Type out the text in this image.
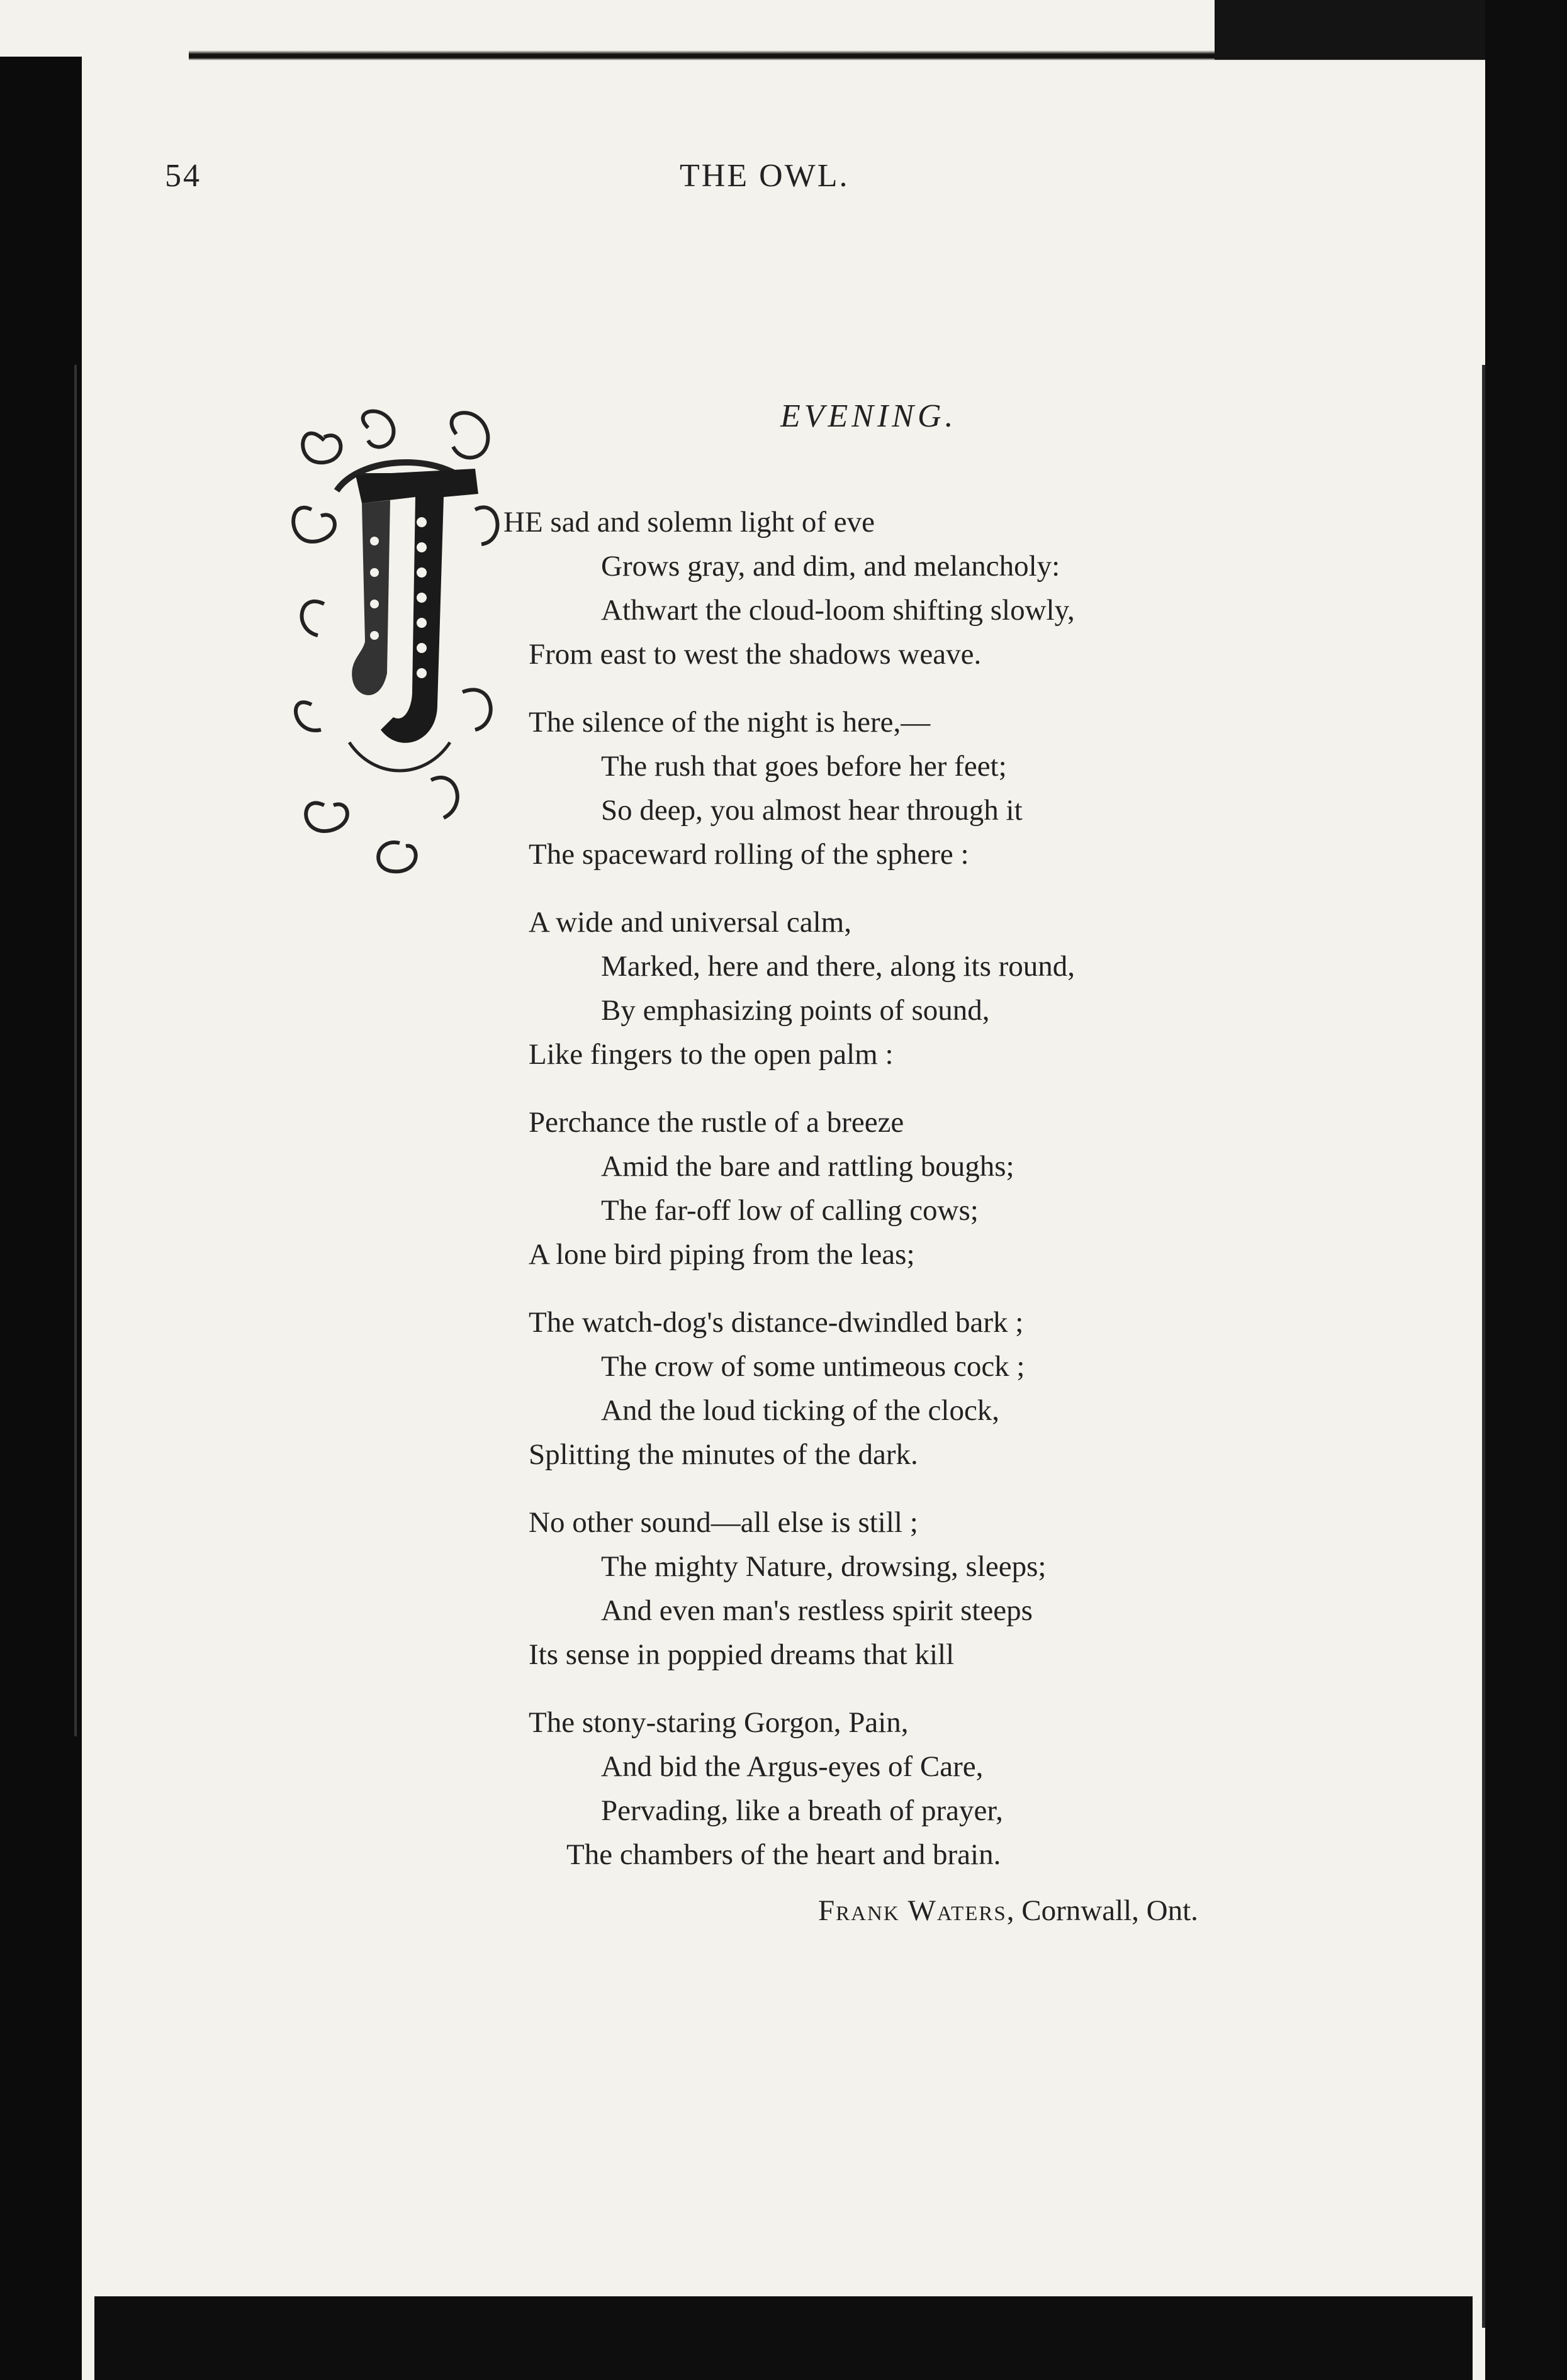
54	THE OWL.
EVENING.
HE sad and solemn light of eve
Grows gray, and dim, and melancholy:
Athwart the cloud-loom shifting slowly,
From east to west the shadows weave.
The silence of the night is here,—
The rush that goes before her feet;
So deep, you almost hear through it
The spaceward rolling of the sphere :
A wide and universal calm,
Marked, here and there, along its round,
By emphasizing points of sound,
Like fingers to the open palm :
Perchance the rustle of a breeze
Amid the bare and rattling boughs;
The far-off low of calling cows;
A lone bird piping from the leas;
The watch-dog's distance-dwindled bark ;
The crow of some untimeous cock ;
And the loud ticking of the clock,
Splitting the minutes of the dark.
No other sound—all else is still ;
The mighty Nature, drowsing, sleeps;
And even man's restless spirit steeps
Its sense in poppied dreams that kill
The stony-staring Gorgon, Pain,
And bid the Argus-eyes of Care,
Pervading, like a breath of prayer,
The chambers of the heart and brain.
Frank Waters, Cornwall, Ont.
